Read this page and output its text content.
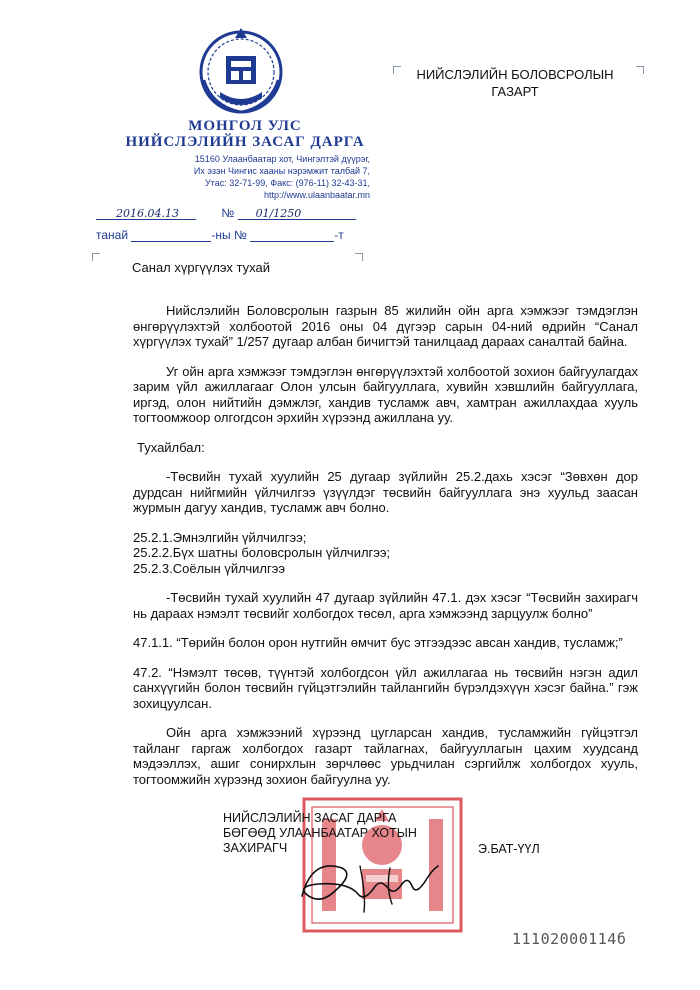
МОНГОЛ УЛС
НИЙСЛЭЛИЙН ЗАСАГ ДАРГА
15160 Улаанбаатар хот, Чингэлтэй дүүрэг,
Их эзэн Чингис хааны нэрэмжит талбай 7,
Утас: 32-71-99, Факс: (976-11) 32-43-31,
http://www.ulaanbaatar.mn
НИЙСЛЭЛИЙН БОЛОВСРОЛЫН
ГАЗАРТ
2016.04.13	№ 01/1250
танай	-ны №	-т
Санал хүргүүлэх тухай

Нийслэлийн Боловсролын газрын 85 жилийн ойн арга хэмжээг тэмдэглэн өнгөрүүлэхтэй холбоотой 2016 оны 04 дүгээр сарын 04-ний өдрийн “Санал хүргүүлэх тухай” 1/257 дугаар албан бичигтэй танилцаад дараах саналтай байна.

Уг ойн арга хэмжээг тэмдэглэн өнгөрүүлэхтэй холбоотой зохион байгуулагдах зарим үйл ажиллагааг Олон улсын байгууллага, хувийн хэвшлийн байгууллага, иргэд, олон нийтийн дэмжлэг, хандив тусламж авч, хамтран ажиллахдаа хууль тогтоомжоор олгогдсон эрхийн хүрээнд ажиллана уу.

Тухайлбал:

-Төсвийн тухай хуулийн 25 дугаар зүйлийн 25.2.дахь хэсэг “Зөвхөн дор дурдсан нийгмийн үйлчилгээ үзүүлдэг төсвийн байгууллага энэ хуульд заасан журмын дагуу хандив, тусламж авч болно.

25.2.1.Эмнэлгийн үйлчилгээ;

25.2.2.Бүх шатны боловсролын үйлчилгээ;

25.2.3.Соёлын үйлчилгээ

-Төсвийн тухай хуулийн 47 дугаар зүйлийн 47.1. дэх хэсэг “Төсвийн захирагч нь дараах нэмэлт төсвийг холбогдох төсөл, арга хэмжээнд зарцуулж болно”

47.1.1. “Төрийн болон орон нутгийн өмчит бус этгээдээс авсан хандив, тусламж;”

47.2. “Нэмэлт төсөв, түүнтэй холбогдсон үйл ажиллагаа нь төсвийн нэгэн адил санхүүгийн болон төсвийн гүйцэтгэлийн тайлангийн бүрэлдэхүүн хэсэг байна.” гэж зохицуулсан.

Ойн арга хэмжээний хүрээнд цугларсан хандив, тусламжийн гүйцэтгэл тайланг гаргаж холбогдох газарт тайлагнах, байгууллагын цахим хуудсанд мэдээллэх, ашиг сонирхлын зөрчлөөс урьдчилан сэргийлж холбогдох хууль, тогтоомжийн хүрээнд зохион байгуулна уу.

НИЙСЛЭЛИЙН ЗАСАГ ДАРГА
БӨГӨӨД УЛААНБААТАР ХОТЫН
ЗАХИРАГЧ	Э.БАТ-ҮҮЛ
11102000114б
